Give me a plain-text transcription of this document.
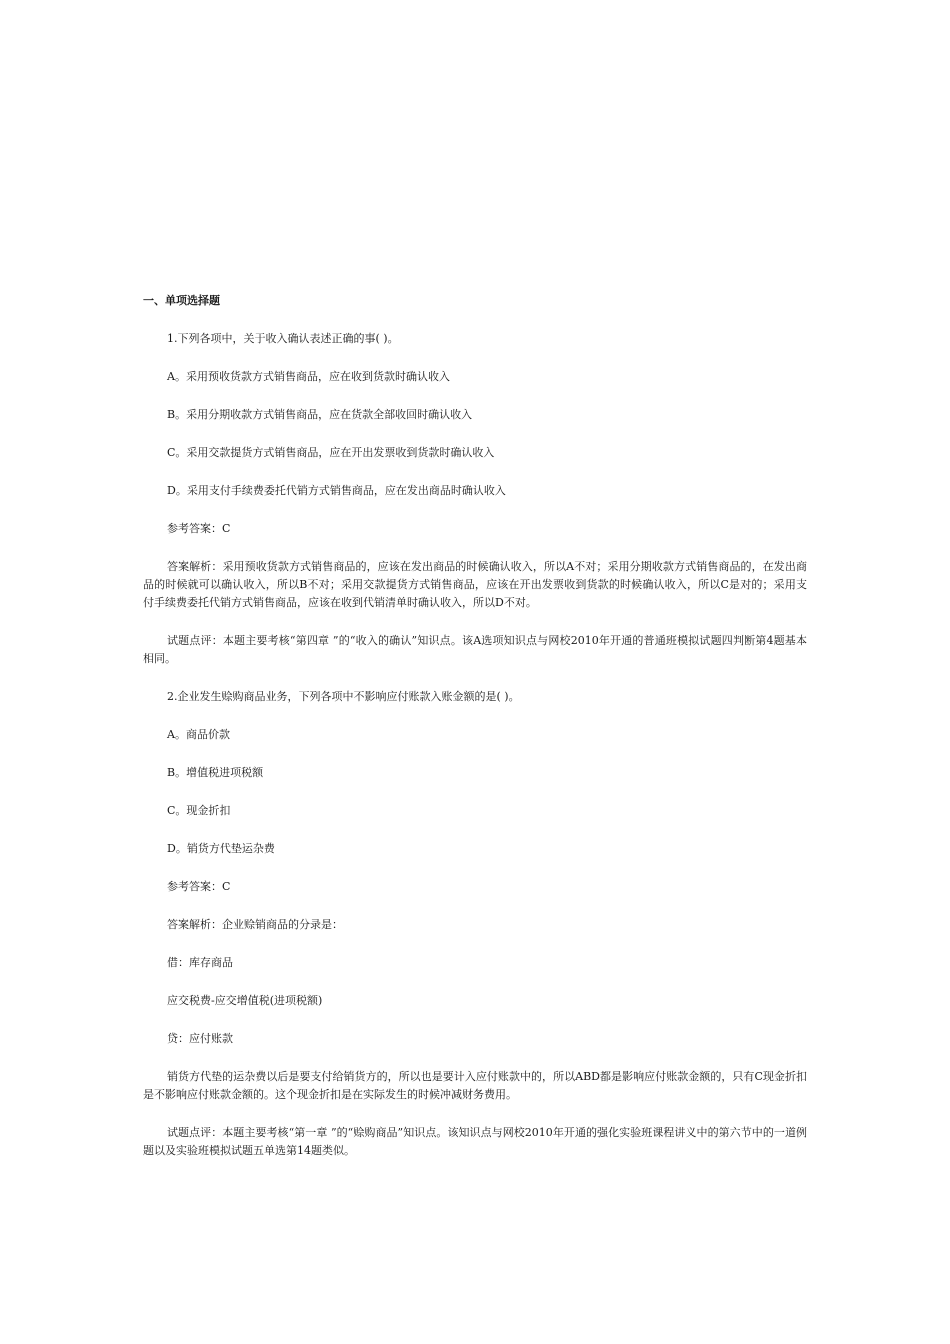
一、单项选择题

1.下列各项中，关于收入确认表述正确的事( )。

A。采用预收货款方式销售商品，应在收到货款时确认收入

B。采用分期收款方式销售商品，应在货款全部收回时确认收入

C。采用交款提货方式销售商品，应在开出发票收到货款时确认收入

D。采用支付手续费委托代销方式销售商品，应在发出商品时确认收入

参考答案：C

答案解析：采用预收货款方式销售商品的，应该在发出商品的时候确认收入，所以A不对；采用分期收款方式销售商品的，在发出商品的时候就可以确认收入，所以B不对；采用交款提货方式销售商品，应该在开出发票收到货款的时候确认收入，所以C是对的；采用支付手续费委托代销方式销售商品，应该在收到代销清单时确认收入，所以D不对。

试题点评：本题主要考核“第四章 ”的“收入的确认”知识点。该A选项知识点与网校2010年开通的普通班模拟试题四判断第4题基本相同。

2.企业发生赊购商品业务，下列各项中不影响应付账款入账金额的是( )。

A。商品价款

B。增值税进项税额

C。现金折扣

D。销货方代垫运杂费

参考答案：C

答案解析：企业赊销商品的分录是：

借：库存商品

应交税费-应交增值税(进项税额)

贷：应付账款

销货方代垫的运杂费以后是要支付给销货方的，所以也是要计入应付账款中的，所以ABD都是影响应付账款金额的，只有C现金折扣是不影响应付账款金额的。这个现金折扣是在实际发生的时候冲减财务费用。

试题点评：本题主要考核“第一章 ”的“赊购商品”知识点。该知识点与网校2010年开通的强化实验班课程讲义中的第六节中的一道例题以及实验班模拟试题五单选第14题类似。
